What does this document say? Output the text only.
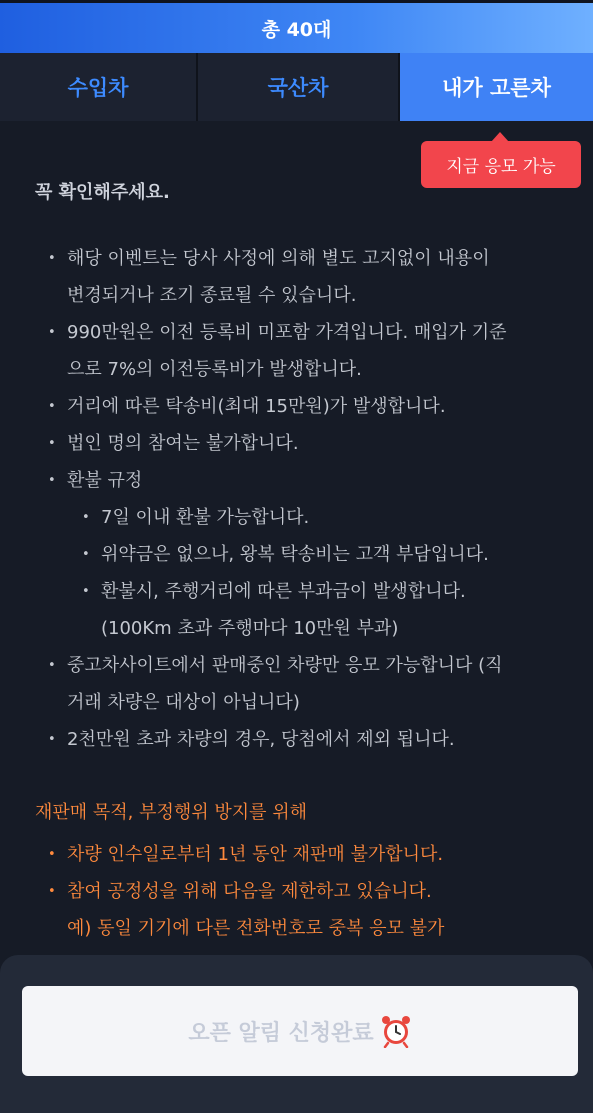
총 40대
수입차	국산차	내가 고른차
지금 응모 가능
꼭 확인해주세요.
• 해당 이벤트는 당사 사정에 의해 별도 고지없이 내용이
변경되거나 조기 종료될 수 있습니다.
• 990만원은 이전 등록비 미포함 가격입니다. 매입가 기준
으로 7%의 이전등록비가 발생합니다.
• 거리에 따른 탁송비(최대 15만원)가 발생합니다.
• 법인 명의 참여는 불가합니다.
• 환불 규정
• 7일 이내 환불 가능합니다.
• 위약금은 없으나, 왕복 탁송비는 고객 부담입니다.
• 환불시, 주행거리에 따른 부과금이 발생합니다.
(100Km 초과 주행마다 10만원 부과)
• 중고차사이트에서 판매중인 차량만 응모 가능합니다 (직
거래 차량은 대상이 아닙니다)
• 2천만원 초과 차량의 경우, 당첨에서 제외 됩니다.
재판매 목적, 부정행위 방지를 위해
• 차량 인수일로부터 1년 동안 재판매 불가합니다.
• 참여 공정성을 위해 다음을 제한하고 있습니다.
예) 동일 기기에 다른 전화번호로 중복 응모 불가
오픈 알림 신청완료
